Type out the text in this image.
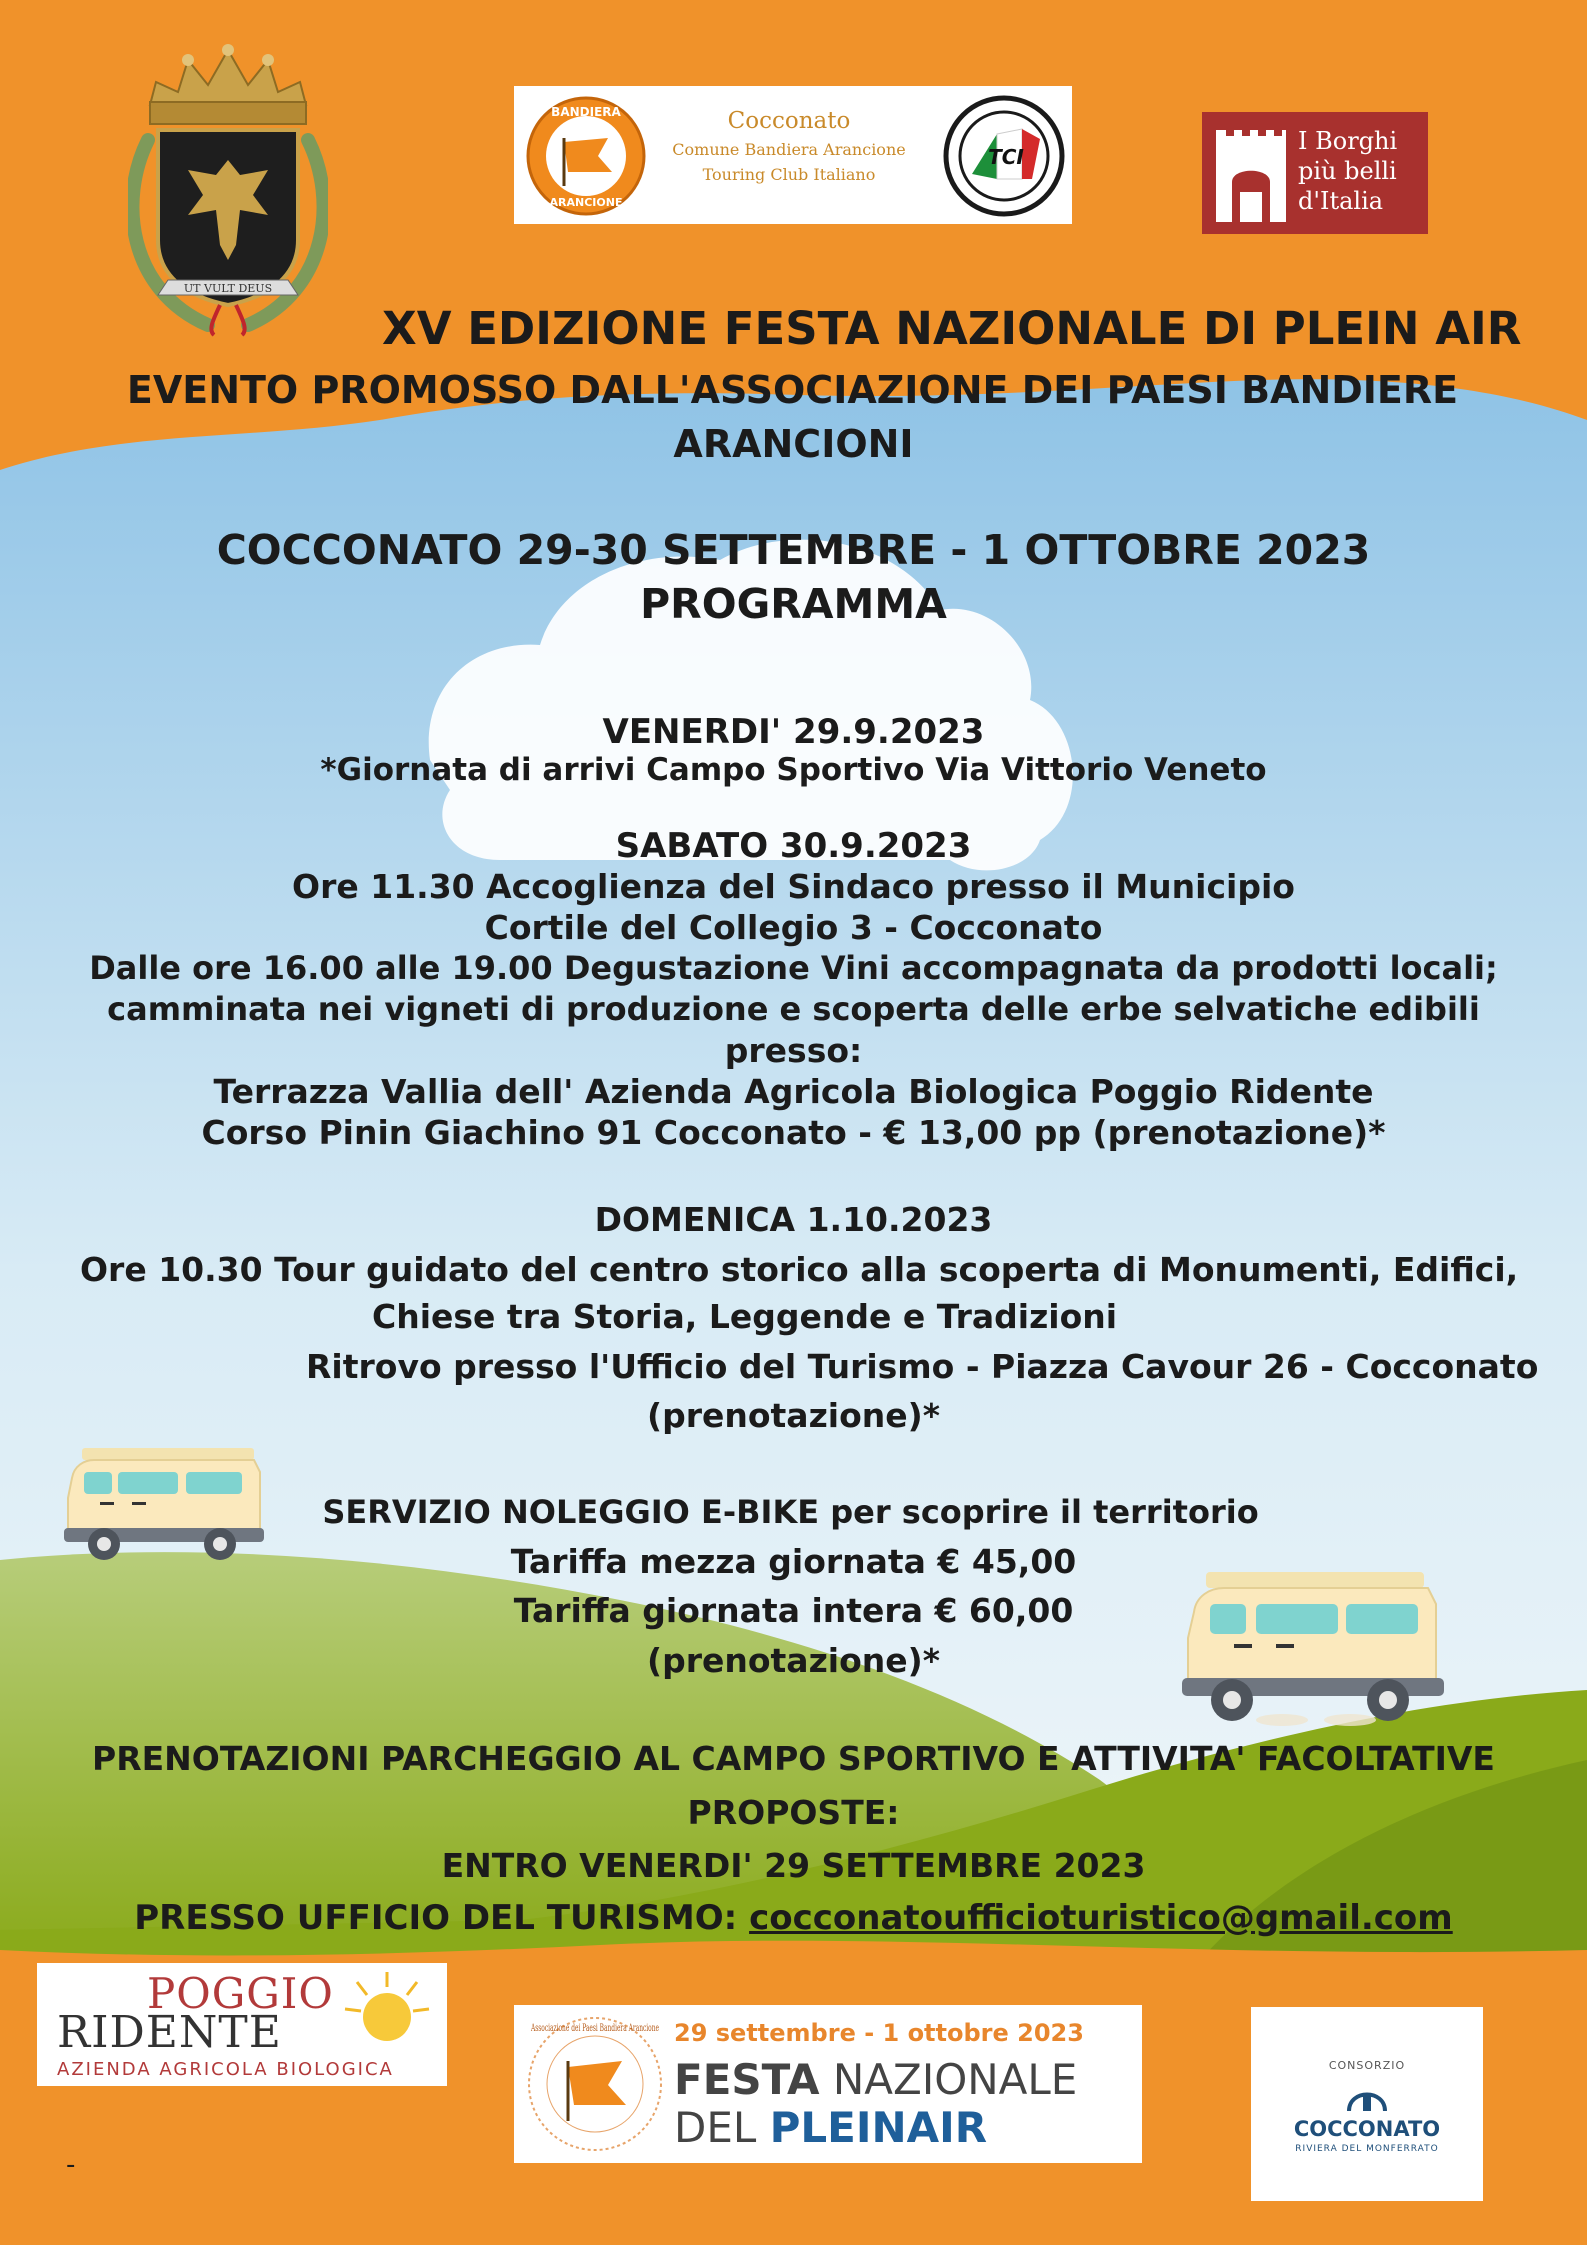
UT VULT DEUS
BANDIERA
ARANCIONE
Cocconato
Comune Bandiera Arancione
Touring Club Italiano
TCI
I Borghi
più belli
d'Italia
XV EDIZIONE FESTA NAZIONALE DI PLEIN AIR
EVENTO PROMOSSO DALL'ASSOCIAZIONE DEI PAESI BANDIERE
ARANCIONI
COCCONATO 29-30 SETTEMBRE - 1 OTTOBRE 2023
PROGRAMMA
VENERDI' 29.9.2023
*Giornata di arrivi Campo Sportivo Via Vittorio Veneto
SABATO 30.9.2023
Ore 11.30 Accoglienza del Sindaco presso il Municipio
Cortile del Collegio 3 - Cocconato
Dalle ore 16.00 alle 19.00 Degustazione Vini accompagnata da prodotti locali;
camminata nei vigneti di produzione e scoperta delle erbe selvatiche edibili
presso:
Terrazza Vallia dell' Azienda Agricola Biologica Poggio Ridente
Corso Pinin Giachino 91 Cocconato - € 13,00 pp (prenotazione)*
DOMENICA 1.10.2023
Ore 10.30 Tour guidato del centro storico alla scoperta di Monumenti, Edifici,
Chiese tra Storia, Leggende e Tradizioni
Ritrovo presso l'Ufficio del Turismo - Piazza Cavour 26 - Cocconato
(prenotazione)*
SERVIZIO NOLEGGIO E-BIKE per scoprire il territorio
Tariffa mezza giornata € 45,00
Tariffa giornata intera € 60,00
(prenotazione)*
PRENOTAZIONI PARCHEGGIO AL CAMPO SPORTIVO E ATTIVITA' FACOLTATIVE
PROPOSTE:
ENTRO VENERDI' 29 SETTEMBRE 2023
PRESSO UFFICIO DEL TURISMO: cocconatoufficioturistico@gmail.com
POGGIO
RIDENTE
AZIENDA AGRICOLA BIOLOGICA
Associazione dei Paesi Bandiera Arancione 29 settembre - 1 ottobre 2023
FESTA NAZIONALE
DEL PLEINAIR
CONSORZIO
COCCONATO
RIVIERA DEL MONFERRATO
-
